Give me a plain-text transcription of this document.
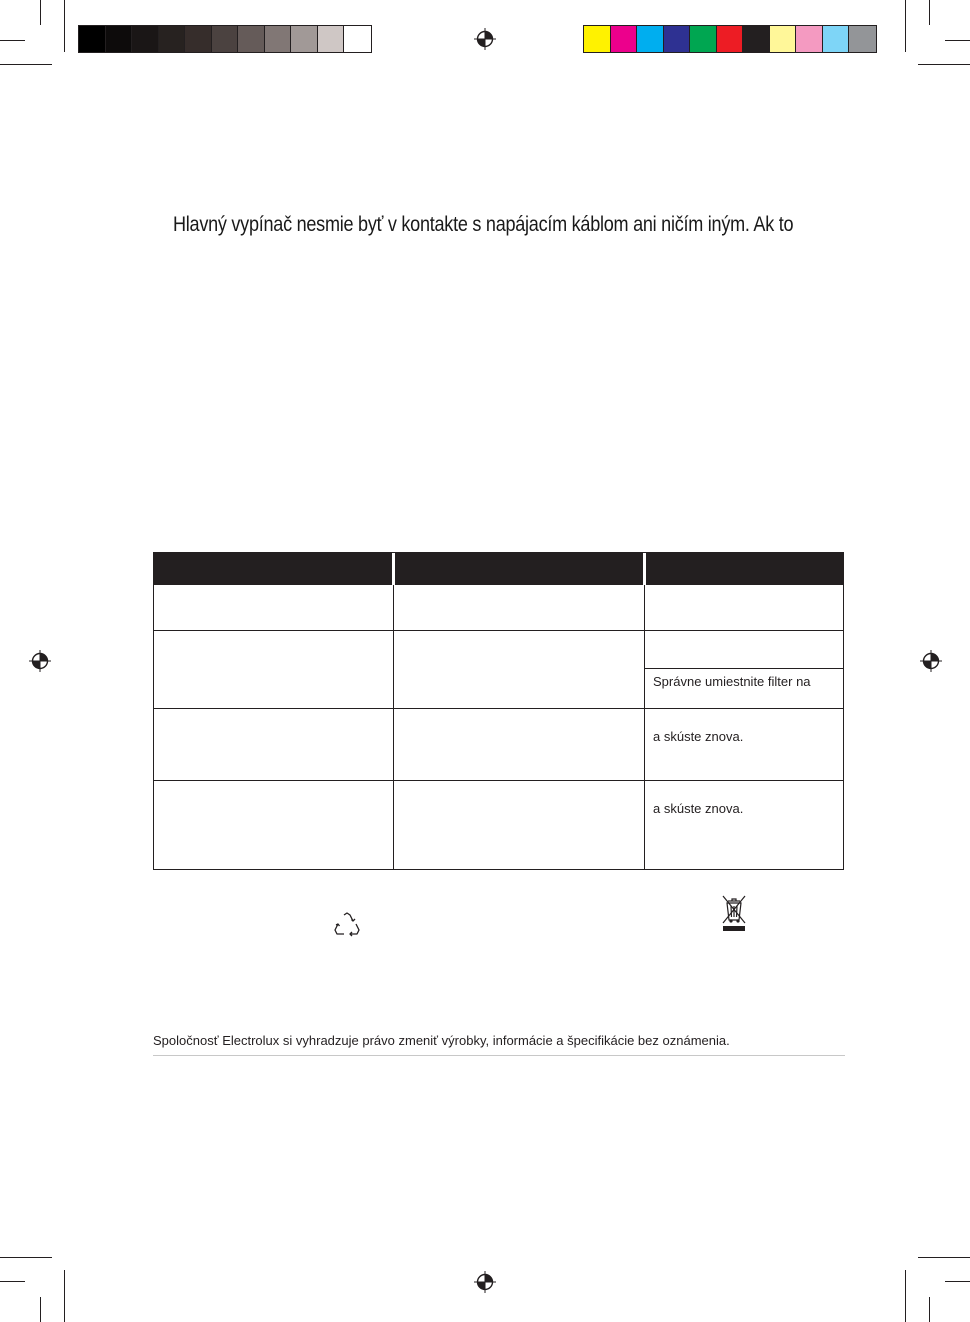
Hlavný vypínač nesmie byť v kontakte s napájacím káblom ani ničím iným. Ak to
Správne umiestnite filter na
a skúste znova.
a skúste znova.
Spoločnosť Electrolux si vyhradzuje právo zmeniť výrobky, informácie a špecifikácie bez oznámenia.
